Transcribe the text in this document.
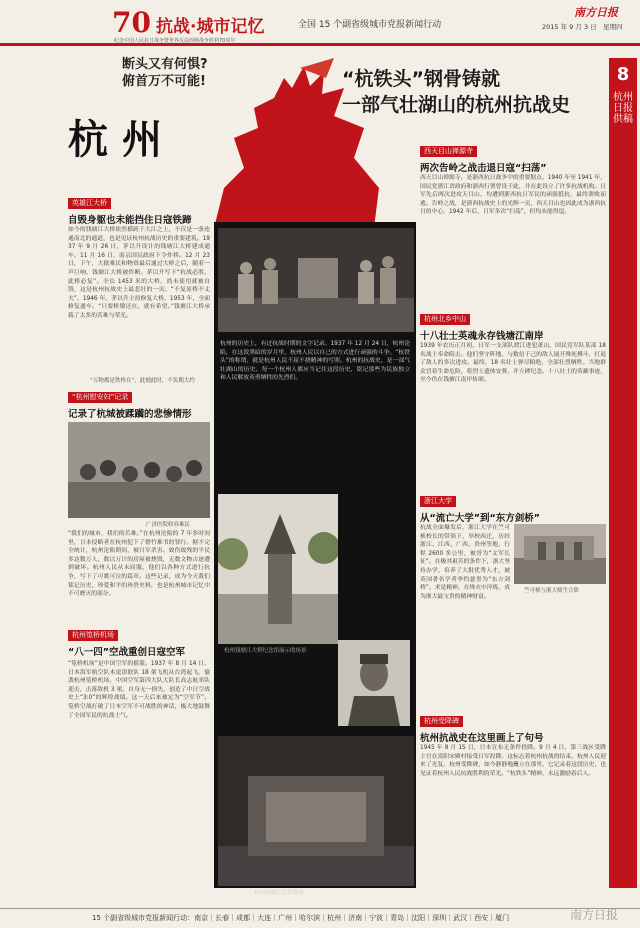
70
纪念中国人民抗日战争暨世界反法西斯战争胜利70周年
抗战·城市记忆	全国 15 个副省级城市党报新闻行动
南方日报
2015 年 9 月 3 日　星期四
8
杭州日报供稿
断头又有何惧?
俯首万不可能!
杭州
“杭铁头”钢骨铸就
一部气壮湖山的杭州抗战史
英雄江大桥
自毁身躯也未能挡住日寇铁蹄
如今的钱塘江大桥依然横跨于大江之上，不仅是一条连通南北的通道，也是见证杭州抗战历史的重要建筑。1937 年 9 月 26 日，茅以升设计的钱塘江大桥建成通车。11 月 16 日，南京国民政府下令炸桥。12 月 23 日，下午，大批难民和物资最后通过大桥之后，随着一声巨响，钱塘江大桥被炸断。茅以升写下“抗战必胜，此桥必复”。全长 1453 米的大桥，尚未使用就被自毁，这是杭州抗战史上最悲壮的一页。“不复原桥不丈夫”，1946 年，茅以升主持修复大桥，1953 年，全面修复通车。“只要桥墩还在，就有希望。”钱塘江大桥承载了太多的苦难与荣光。
“万物都是铁桥在”，此刻此时，不负期大约
“杭州慰安妇”记录
记录了杭城被蹂躏的悲惨情形
广济医院收容难民
“我们的城市，我们的苦难。”在杭州沦陷的 7 年多时间里，日本侵略者在杭州犯下了罄竹难书的罪行。据不完全统计，杭州沦陷期间，被日军杀害、致伤致残的平民多达数万人，数以万计的房屋被烧毁，无数文物古迹遭到破坏。杭州人民从未屈服，他们以各种方式进行抗争，写下了可歌可泣的篇章。这些记录，成为今天我们铭记历史、珍爱和平的珍贵史料，也是杭州城市记忆中不可磨灭的部分。
杭州笕桥机场
“八一四”空战重创日寇空军
“笕桥机场”是中国空军的摇篮。1937 年 8 月 14 日，日本海军航空队木更津联队 18 架飞机从台湾起飞，偷袭杭州笕桥机场。中国空军第四大队大队长高志航率队迎击，击落敌机 3 架，自身无一损失，创造了中日空战史上“3:0”的辉煌战绩。这一天后来被定为“空军节”。笕桥空战打破了日本空军不可战胜的神话，极大地鼓舞了全国军民的抗战士气。
杭州的历史上，有过抗战时期的文字记录。1937 年 12 月 24 日，杭州沦陷，在这段黑暗的岁月里，杭州人民以自己的方式进行顽强的斗争。“杭铁头”的称谓，就是杭州人民不屈不挠精神的写照。杭州的抗战史，是一部气壮湖山的历史。每一个杭州人都应当记住这段历史，铭记那些为民族独立和人民解放英勇牺牲的先烈们。
杭州钱塘江大桥纪念馆展示的场景
杭州抗战纪念馆陈列
西天目山禅源寺
两次告岭之战击退日寇“扫荡”
西天目山禅源寺，是浙西抗日战争中的重要据点。1940 年至 1941 年，国民党浙江省政府和浙西行署曾设于此，并在此设立了许多抗战机构。日军先后两次进攻天目山，均遭到浙西抗日军民的顽强抵抗，最终溃败而逃。告岭之战，是浙西抗战史上的光辉一页，西天目山也因此成为浙西抗日的中心。1942 年后，日军多次“扫荡”，但均未能得逞。
杭州北乡中山
十八壮士英魂永存钱塘江南岸
1939 年农历正月初，日军一支部队渡江进犯萧山，国民党军队某部 18 名战士奉命阻击。他们坚守阵地，与数倍于己的敌人展开殊死搏斗，打退了敌人的多次进攻。最终，18 名壮士弹尽粮绝，全部壮烈牺牲。当地群众冒着生命危险，将烈士遗体安葬，并立碑纪念。十八壮士的英雄事迹，至今仍在钱塘江南岸传颂。
浙江大学
从“流亡大学”到“东方剑桥”
抗战全面爆发后，浙江大学在竺可桢校长的带领下，举校西迁，历经浙江、江西、广西、贵州等地，行程 2600 多公里，被誉为“文军长征”。在极其艰苦的条件下，浙大坚持办学，培养了大批优秀人才，被英国著名学者李约瑟誉为“东方剑桥”。求是精神，在烽火中淬炼，成为浙大最宝贵的精神财富。
竺可桢与浙大师生合影
杭州受降碑
杭州抗战史在这里画上了句号
1945 年 8 月 15 日，日本宣布无条件投降。9 月 4 日，第三战区受降主官在富阳宋殿村接受日军投降。这标志着杭州抗战的结束，杭州人民迎来了光复。杭州受降碑，如今静静地矗立在那里，它记录着这段历史，也见证着杭州人民抗战胜利的荣光。“杭铁头”精神，永远激励着后人。
15 个副省级城市党报新闻行动：南京｜长春｜成都｜大连｜广州｜哈尔滨｜杭州｜济南｜宁波｜青岛｜沈阳｜深圳｜武汉｜西安｜厦门	南方日报
